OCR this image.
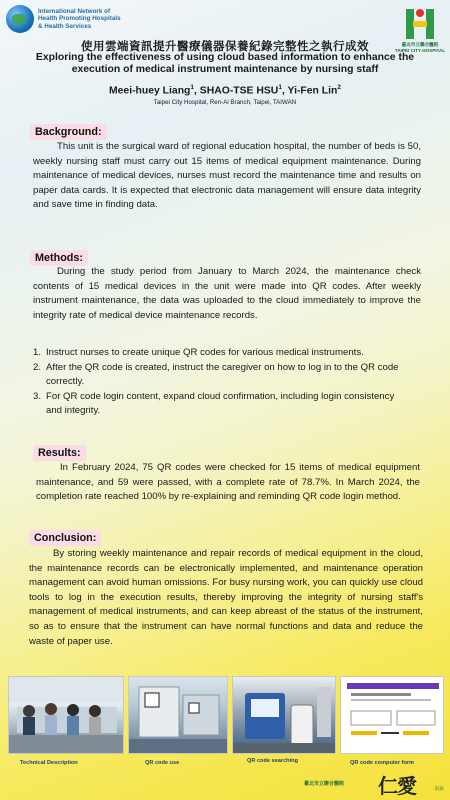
International Network of
Health Promoting Hospitals
& Health Services
臺北市立聯合醫院
TAIPEI CITY HOSPITAL
使用雲端資訊提升醫療儀器保養紀錄完整性之執行成效
Exploring the effectiveness of using cloud based information to enhance the execution of medical instrument maintenance by nursing staff
Meei-huey Liang$^1$, SHAO-TSE HSU$^1$, Yi-Fen Lin$^2$
Taipei City Hospital, Ren-Ai Branch, Taipei, TAIWAN
Background:
This unit is the surgical ward of regional education hospital, the number of beds is 50, weekly nursing staff must carry out 15 items of medical equipment maintenance. During maintenance of medical devices, nurses must record the maintenance time and results on paper data cards. It is expected that electronic data management will ensure data integrity and save time in finding data.
Methods:
During the study period from January to March 2024, the maintenance check contents of 15 medical devices in the unit were made into QR codes. After weekly instrument maintenance, the data was uploaded to the cloud immediately to improve the integrity rate of medical device maintenance records.
1. Instruct nurses to create unique QR codes for various medical instruments.
2. After the QR code is created, instruct the caregiver on how to log in to the QR code correctly.
3. For QR code login content, expand cloud confirmation, including login consistency and integrity.
Results:
In February 2024, 75 QR codes were checked for 15 items of medical equipment maintenance, and 59 were passed, with a complete rate of 78.7%. In March 2024, the completion rate reached 100% by re-explaining and reminding QR code login method.
Conclusion:
By storing weekly maintenance and repair records of medical equipment in the cloud, the maintenance records can be electronically implemented, and maintenance operation management can avoid human omissions. For busy nursing work, you can quickly use cloud tools to log in the execution results, thereby improving the integrity of nursing staff's management of medical instruments, and can keep abreast of the status of the instrument, so as to ensure that the instrument can have normal functions and data and reduce the waste of paper use.
Technical Description	QR code use	QR code searching	QR code computer form
臺北市立聯合醫院 仁愛	院區
